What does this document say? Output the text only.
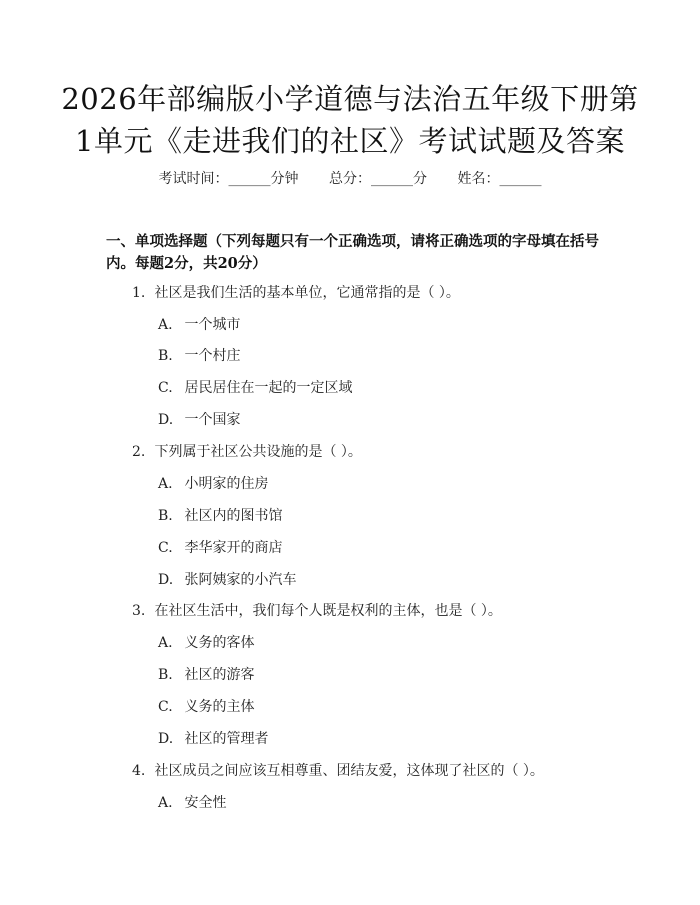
2026年部编版小学道德与法治五年级下册第
1单元《走进我们的社区》考试试题及答案
考试时间：______分钟 总分：______分 姓名：______
一、单项选择题（下列每题只有一个正确选项，请将正确选项的字母填在括号内。每题2分，共20分）
1. 社区是我们生活的基本单位，它通常指的是（ ）。
A. 一个城市
B. 一个村庄
C. 居民居住在一起的一定区域
D. 一个国家
2. 下列属于社区公共设施的是（ ）。
A. 小明家的住房
B. 社区内的图书馆
C. 李华家开的商店
D. 张阿姨家的小汽车
3. 在社区生活中，我们每个人既是权利的主体，也是（ ）。
A. 义务的客体
B. 社区的游客
C. 义务的主体
D. 社区的管理者
4. 社区成员之间应该互相尊重、团结友爱，这体现了社区的（ ）。
A. 安全性
